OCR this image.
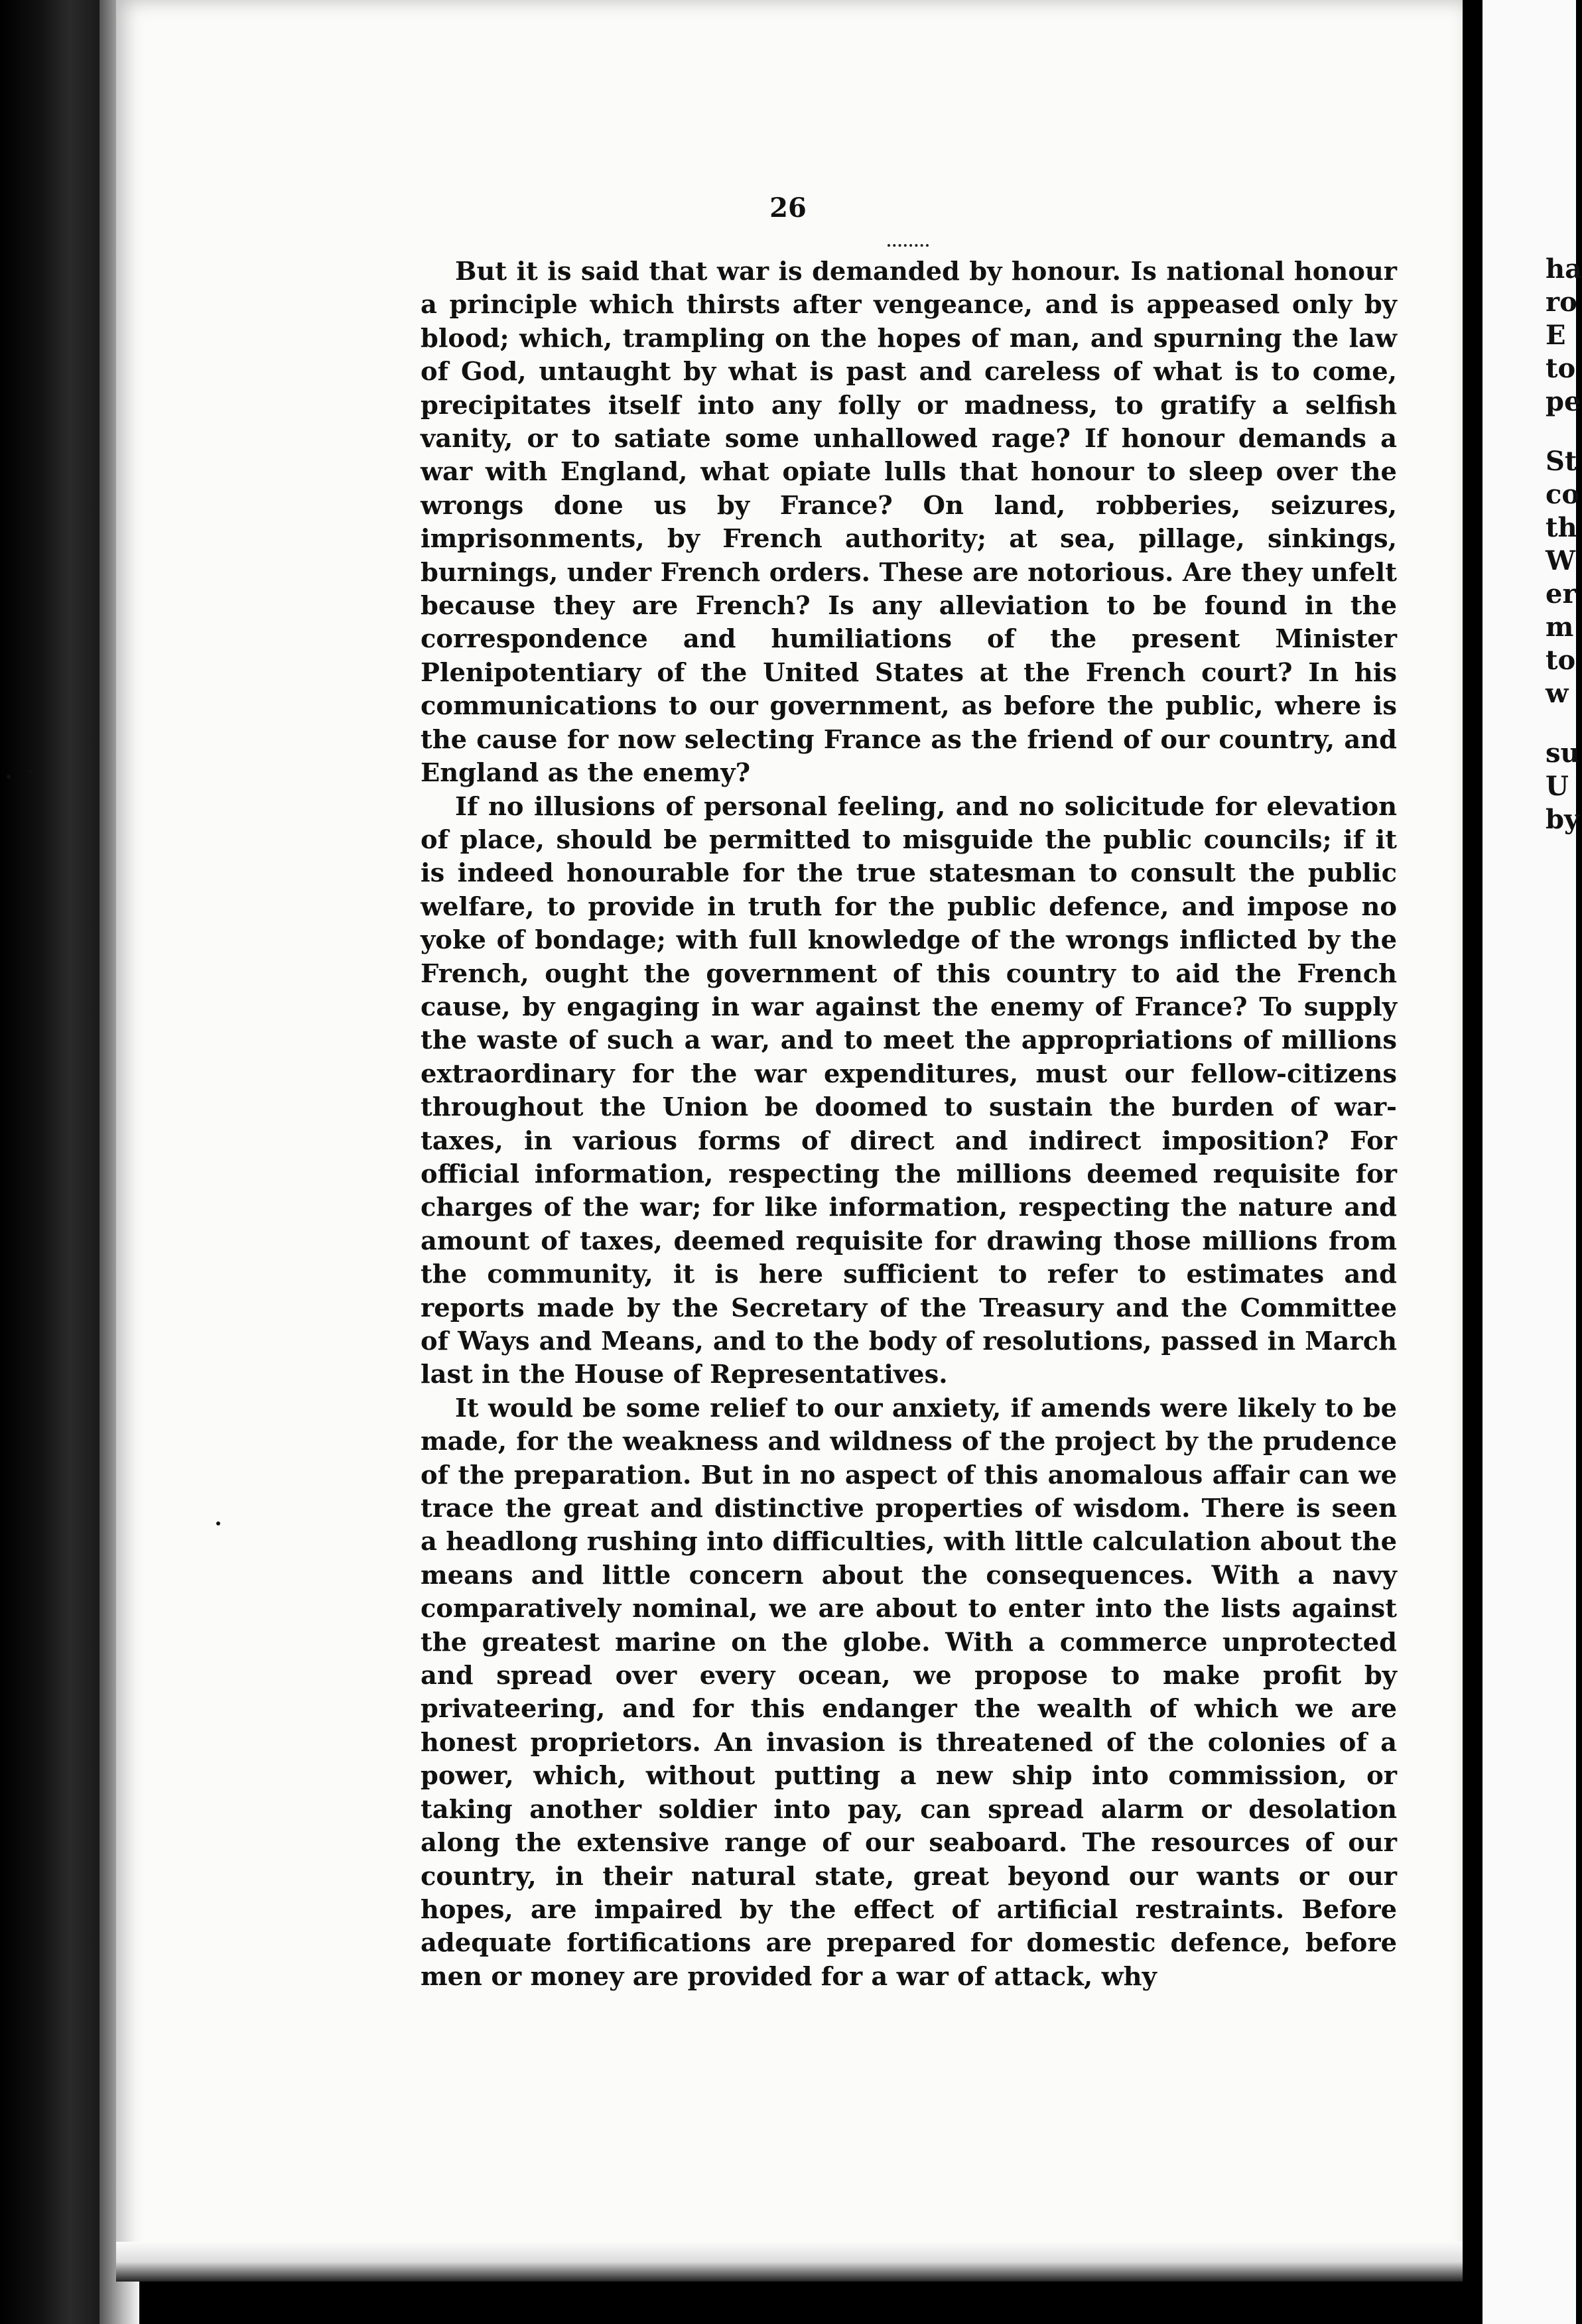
26

But it is said that war is demanded by honour. Is national honour a principle which thirsts after vengeance, and is appeased only by blood; which, trampling on the hopes of man, and spurning the law of God, untaught by what is past and careless of what is to come, precipitates itself into any folly or madness, to gratify a selfish vanity, or to satiate some unhallowed rage? If honour demands a war with England, what opiate lulls that honour to sleep over the wrongs done us by France? On land, robberies, seizures, imprisonments, by French authority; at sea, pillage, sinkings, burnings, under French orders. These are notorious. Are they unfelt because they are French? Is any alleviation to be found in the correspondence and humiliations of the present Minister Plenipotentiary of the United States at the French court? In his communications to our government, as before the public, where is the cause for now selecting France as the friend of our country, and England as the enemy?

If no illusions of personal feeling, and no solicitude for elevation of place, should be permitted to misguide the public councils; if it is indeed honourable for the true statesman to consult the public welfare, to provide in truth for the public defence, and impose no yoke of bondage; with full knowledge of the wrongs inflicted by the French, ought the government of this country to aid the French cause, by engaging in war against the enemy of France? To supply the waste of such a war, and to meet the appropriations of millions extraordinary for the war expenditures, must our fellow-citizens throughout the Union be doomed to sustain the burden of war-taxes, in various forms of direct and indirect imposition? For official information, respecting the millions deemed requisite for charges of the war; for like information, respecting the nature and amount of taxes, deemed requisite for drawing those millions from the community, it is here sufficient to refer to estimates and reports made by the Secretary of the Treasury and the Committee of Ways and Means, and to the body of resolutions, passed in March last in the House of Representatives.

It would be some relief to our anxiety, if amends were likely to be made, for the weakness and wildness of the project by the prudence of the preparation. But in no aspect of this anomalous affair can we trace the great and distinctive properties of wisdom. There is seen a headlong rushing into difficulties, with little calculation about the means and little concern about the consequences. With a navy comparatively nominal, we are about to enter into the lists against the greatest marine on the globe. With a commerce unprotected and spread over every ocean, we propose to make profit by privateering, and for this endanger the wealth of which we are honest proprietors. An invasion is threatened of the colonies of a power, which, without putting a new ship into commission, or taking another soldier into pay, can spread alarm or desolation along the extensive range of our seaboard. The resources of our country, in their natural state, great beyond our wants or our hopes, are impaired by the effect of artificial restraints. Before adequate fortifications are prepared for domestic defence, before men or money are provided for a war of attack, why

ha
ro
E
to
pe
St
co
th
W
er
m
to
w
su
U
by
